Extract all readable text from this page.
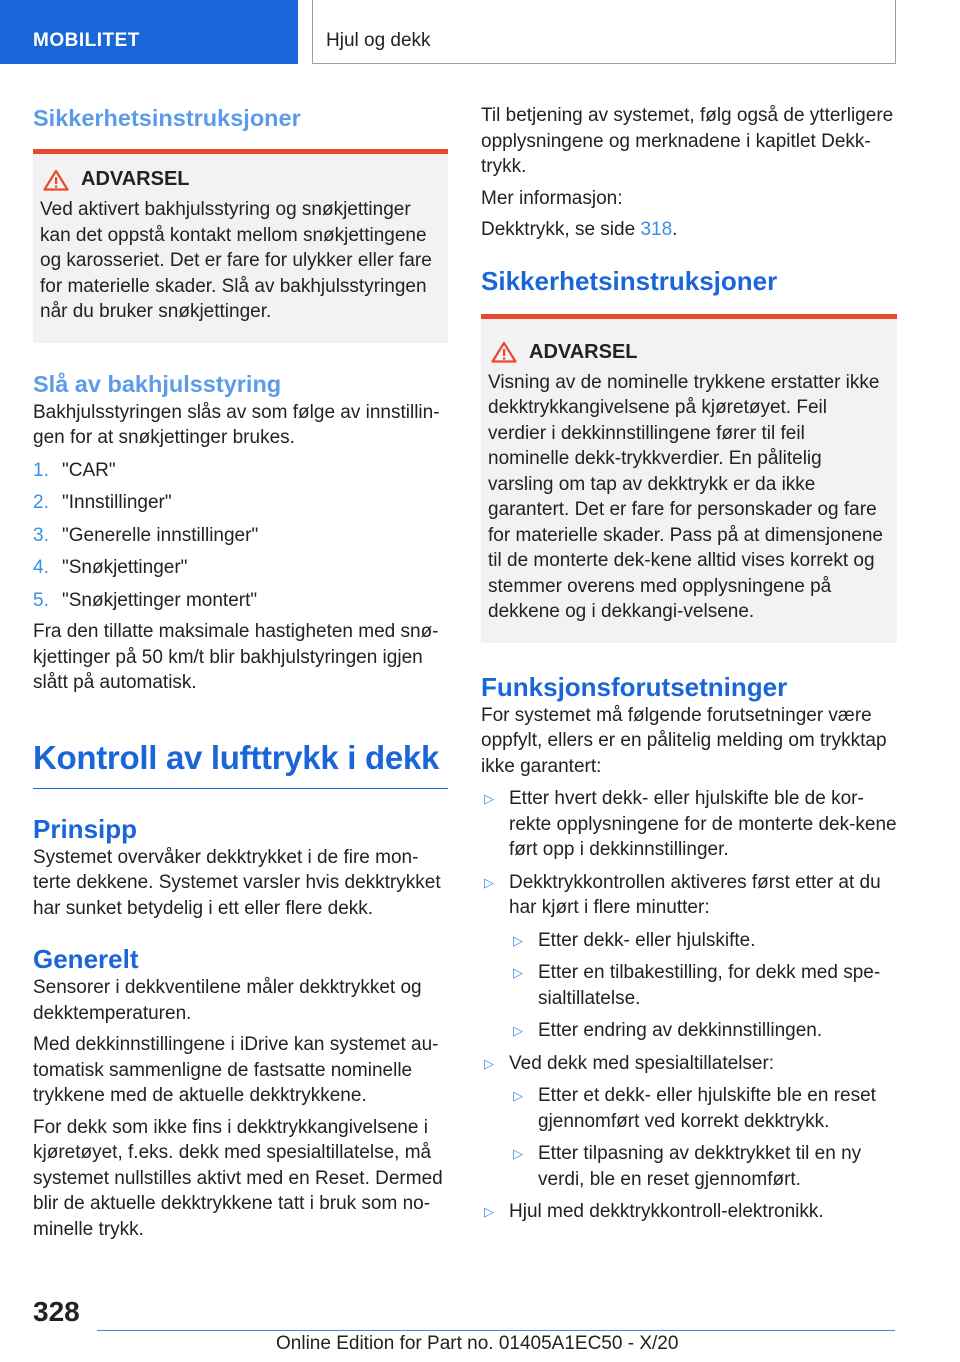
MOBILITET	Hjul og dekk
Sikkerhetsinstruksjoner
ADVARSEL
Ved aktivert bakhjulsstyring og snøkjettinger kan det oppstå kontakt mellom snøkjettingene og karosseriet. Det er fare for ulykker eller fare for materielle skader. Slå av bakhjulsstyringen når du bruker snøkjettinger.
Slå av bakhjulsstyring
Bakhjulsstyringen slås av som følge av innstillin-gen for at snøkjettinger brukes.
1. "CAR"
2. "Innstillinger"
3. "Generelle innstillinger"
4. "Snøkjettinger"
5. "Snøkjettinger montert"
Fra den tillatte maksimale hastigheten med snø-kjettinger på 50 km/t blir bakhjulstyringen igjen slått på automatisk.
Kontroll av lufttrykk i dekk
Prinsipp
Systemet overvåker dekktrykket i de fire mon-terte dekkene. Systemet varsler hvis dekktrykket har sunket betydelig i ett eller flere dekk.
Generelt
Sensorer i dekkventilene måler dekktrykket og dekktemperaturen.
Med dekkinnstillingene i iDrive kan systemet au-tomatisk sammenligne de fastsatte nominelle trykkene med de aktuelle dekktrykkene.
For dekk som ikke fins i dekktrykkangivelsene i kjøretøyet, f.eks. dekk med spesialtillatelse, må systemet nullstilles aktivt med en Reset. Dermed blir de aktuelle dekktrykkene tatt i bruk som no-minelle trykk.
Til betjening av systemet, følg også de ytterligere opplysningene og merknadene i kapitlet Dekk-trykk.
Mer informasjon:
Dekktrykk, se side 318.
Sikkerhetsinstruksjoner
ADVARSEL
Visning av de nominelle trykkene erstatter ikke dekktrykkangivelsene på kjøretøyet. Feil verdier i dekkinnstillingene fører til feil nominelle dekk-trykkverdier. En pålitelig varsling om tap av dekktrykk er da ikke garantert. Det er fare for personskader og fare for materielle skader. Pass på at dimensjonene til de monterte dek-kene alltid vises korrekt og stemmer overens med opplysningene på dekkene og i dekkangi-velsene.
Funksjonsforutsetninger
For systemet må følgende forutsetninger være oppfylt, ellers er en pålitelig melding om trykktap ikke garantert:
▷ Etter hvert dekk- eller hjulskifte ble de kor-rekte opplysningene for de monterte dek-kene ført opp i dekkinnstillinger.
▷ Dekktrykkontrollen aktiveres først etter at du har kjørt i flere minutter:
▷ Etter dekk- eller hjulskifte.
▷ Etter en tilbakestilling, for dekk med spe-sialtillatelse.
▷ Etter endring av dekkinnstillingen.
▷ Ved dekk med spesialtillatelser:
▷ Etter et dekk- eller hjulskifte ble en reset gjennomført ved korrekt dekktrykk.
▷ Etter tilpasning av dekktrykket til en ny verdi, ble en reset gjennomført.
▷ Hjul med dekktrykkontroll-elektronikk.
328
Online Edition for Part no. 01405A1EC50 - X/20
